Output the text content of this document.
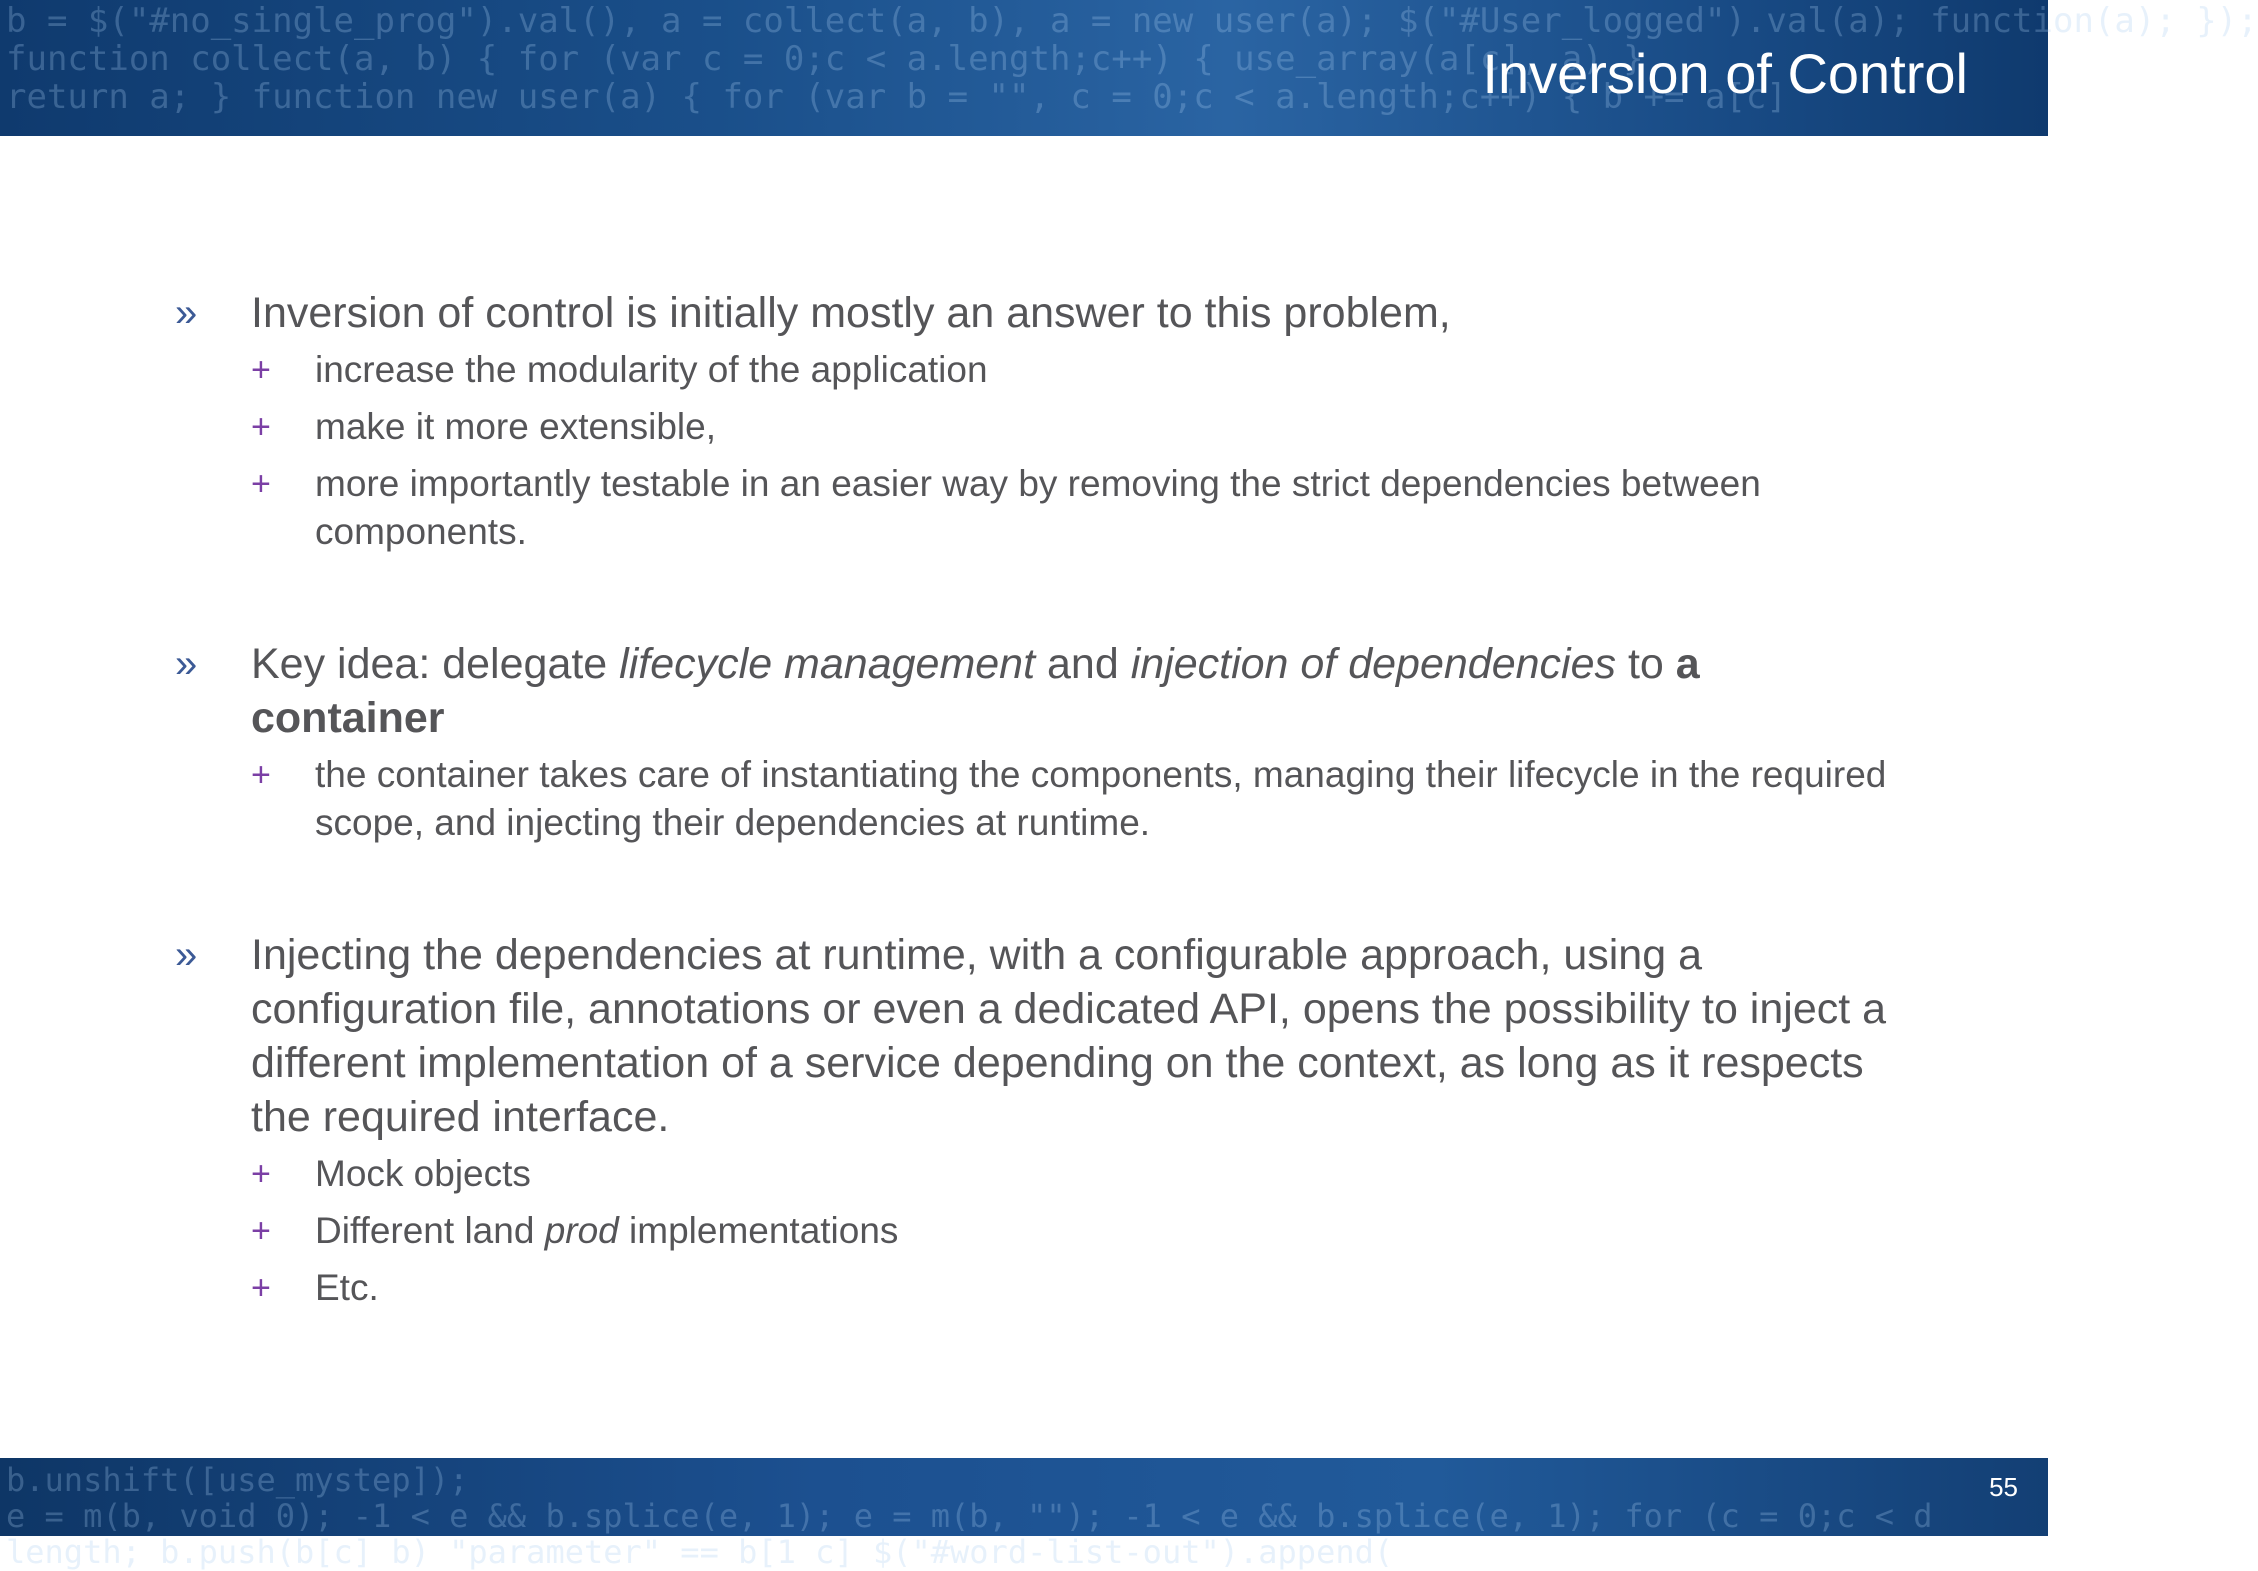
b = $("#no_single_prog").val(), a = collect(a, b), a = new user(a); $("#User_logged").val(a); function(a); });
function collect(a, b) { for (var c = 0;c < a.length;c++) { use_array(a[c], a) }
return a; } function new user(a) { for (var b = "", c = 0;c < a.length;c++) { b += a[c]
Inversion of Control
» Inversion of control is initially mostly an answer to this problem,
+ increase the modularity of the application
+ make it more extensible,
+ more importantly testable in an easier way by removing the strict dependencies between components.
» Key idea: delegate lifecycle management and injection of dependencies to a container
+ the container takes care of instantiating the components, managing their lifecycle in the required scope, and injecting their dependencies at runtime.
» Injecting the dependencies at runtime, with a configurable approach, using a configuration file, annotations or even a dedicated API, opens the possibility to inject a different implementation of a service depending on the context, as long as it respects the required interface.
+ Mock objects
+ Different land prod implementations
+ Etc.
b.unshift([use_mystep]);
e = m(b, void 0); -1 < e && b.splice(e, 1); e = m(b, ""); -1 < e && b.splice(e, 1); for (c = 0;c < d
length; b.push(b[c] b) "parameter" == b[1 c] $("#word-list-out").append(
55
